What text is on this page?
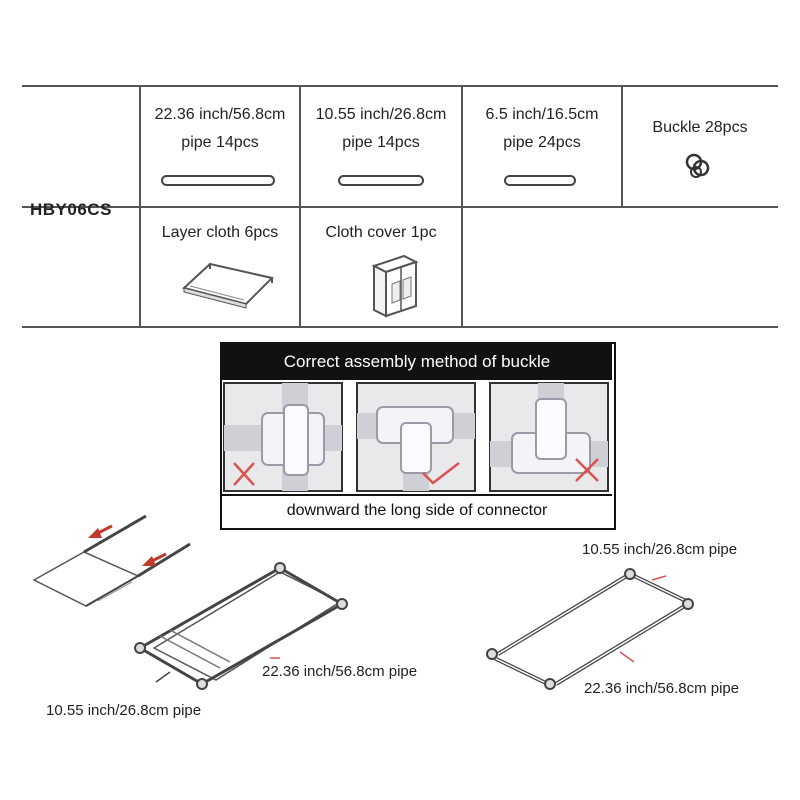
HBY06CS
22.36 inch/56.8cm
pipe 14pcs
10.55 inch/26.8cm
pipe 14pcs
6.5 inch/16.5cm
pipe 24pcs
Buckle 28pcs
Layer cloth 6pcs	Cloth cover 1pc
Correct assembly method of buckle
downward the long side of connector
22.36 inch/56.8cm pipe
10.55 inch/26.8cm pipe
10.55 inch/26.8cm pipe
22.36 inch/56.8cm pipe
